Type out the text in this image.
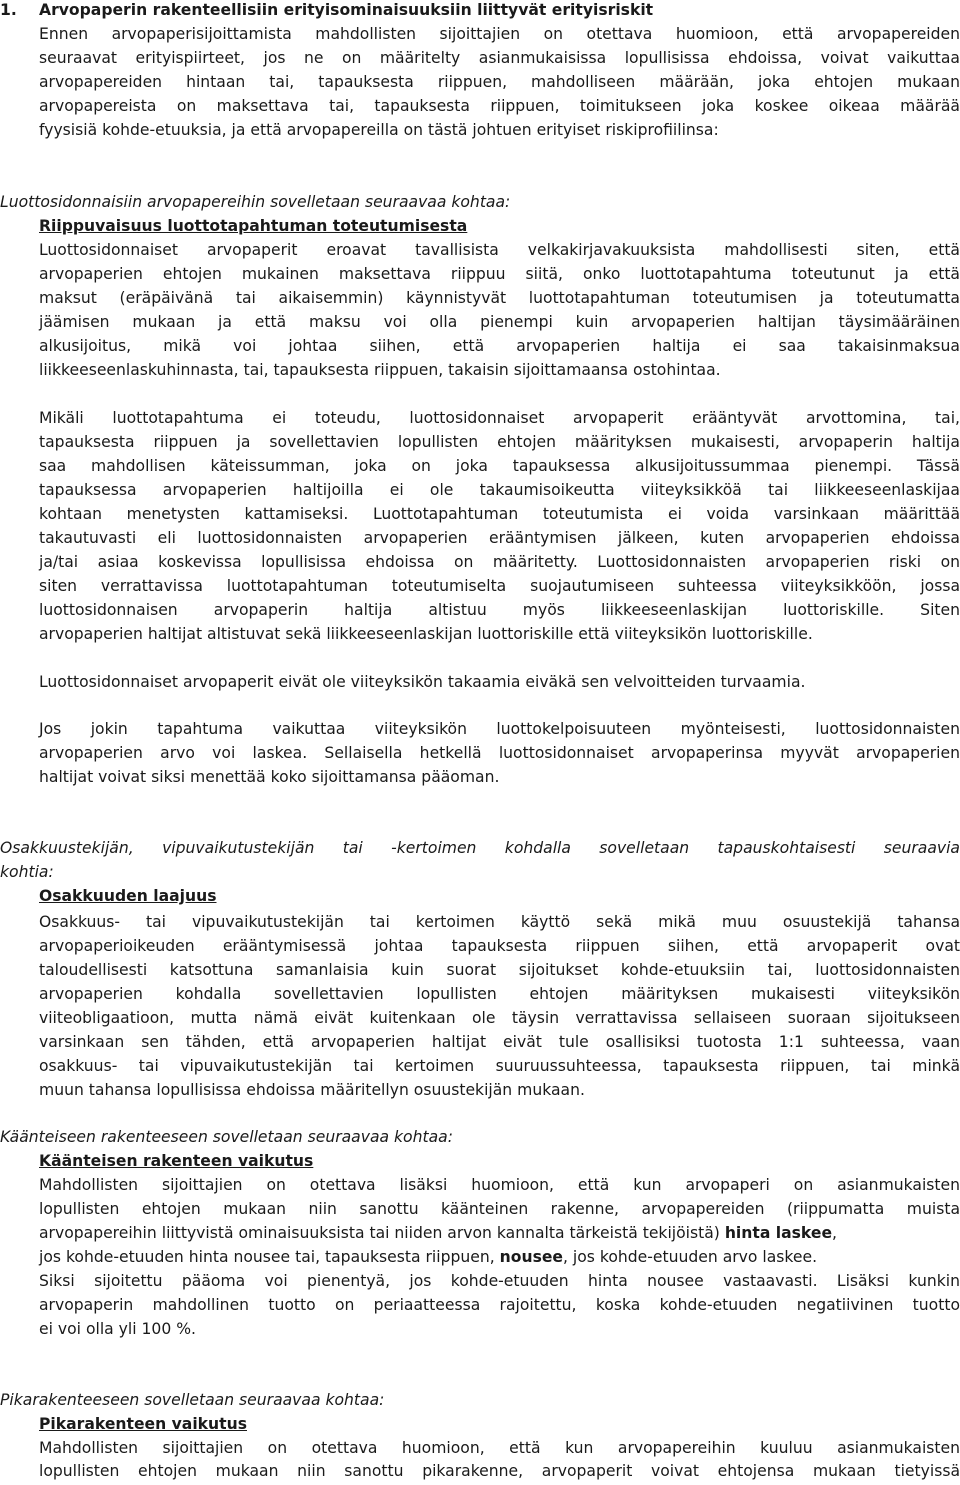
1. Arvopaperin rakenteellisiin erityisominaisuuksiin liittyvät erityisriskit
Ennen arvopaperisijoittamista mahdollisten sijoittajien on otettava huomioon, että arvopapereiden
seuraavat erityispiirteet, jos ne on määritelty asianmukaisissa lopullisissa ehdoissa, voivat vaikuttaa
arvopapereiden hintaan tai, tapauksesta riippuen, mahdolliseen määrään, joka ehtojen mukaan
arvopapereista on maksettava tai, tapauksesta riippuen, toimitukseen joka koskee oikeaa määrää
fyysisiä kohde-etuuksia, ja että arvopapereilla on tästä johtuen erityiset riskiprofiilinsa:
Luottosidonnaisiin arvopapereihin sovelletaan seuraavaa kohtaa:
Riippuvaisuus luottotapahtuman toteutumisesta
Luottosidonnaiset arvopaperit eroavat tavallisista velkakirjavakuuksista mahdollisesti siten, että
arvopaperien ehtojen mukainen maksettava riippuu siitä, onko luottotapahtuma toteutunut ja että
maksut (eräpäivänä tai aikaisemmin) käynnistyvät luottotapahtuman toteutumisen ja toteutumatta
jäämisen mukaan ja että maksu voi olla pienempi kuin arvopaperien haltijan täysimääräinen
alkusijoitus, mikä voi johtaa siihen, että arvopaperien haltija ei saa takaisinmaksua
liikkeeseenlaskuhinnasta, tai, tapauksesta riippuen, takaisin sijoittamaansa ostohintaa.
Mikäli luottotapahtuma ei toteudu, luottosidonnaiset arvopaperit erääntyvät arvottomina, tai,
tapauksesta riippuen ja sovellettavien lopullisten ehtojen määrityksen mukaisesti, arvopaperin haltija
saa mahdollisen käteissumman, joka on joka tapauksessa alkusijoitussummaa pienempi. Tässä
tapauksessa arvopaperien haltijoilla ei ole takaumisoikeutta viiteyksikköä tai liikkeeseenlaskijaa
kohtaan menetysten kattamiseksi. Luottotapahtuman toteutumista ei voida varsinkaan määrittää
takautuvasti eli luottosidonnaisten arvopaperien erääntymisen jälkeen, kuten arvopaperien ehdoissa
ja/tai asiaa koskevissa lopullisissa ehdoissa on määritetty. Luottosidonnaisten arvopaperien riski on
siten verrattavissa luottotapahtuman toteutumiselta suojautumiseen suhteessa viiteyksikköön, jossa
luottosidonnaisen arvopaperin haltija altistuu myös liikkeeseenlaskijan luottoriskille. Siten
arvopaperien haltijat altistuvat sekä liikkeeseenlaskijan luottoriskille että viiteyksikön luottoriskille.
Luottosidonnaiset arvopaperit eivät ole viiteyksikön takaamia eiväkä sen velvoitteiden turvaamia.
Jos jokin tapahtuma vaikuttaa viiteyksikön luottokelpoisuuteen myönteisesti, luottosidonnaisten
arvopaperien arvo voi laskea. Sellaisella hetkellä luottosidonnaiset arvopaperinsa myyvät arvopaperien
haltijat voivat siksi menettää koko sijoittamansa pääoman.
Osakkuustekijän, vipuvaikutustekijän tai -kertoimen kohdalla sovelletaan tapauskohtaisesti seuraavia
kohtia:
Osakkuuden laajuus
Osakkuus- tai vipuvaikutustekijän tai kertoimen käyttö sekä mikä muu osuustekijä tahansa
arvopaperioikeuden erääntymisessä johtaa tapauksesta riippuen siihen, että arvopaperit ovat
taloudellisesti katsottuna samanlaisia kuin suorat sijoitukset kohde-etuuksiin tai, luottosidonnaisten
arvopaperien kohdalla sovellettavien lopullisten ehtojen määrityksen mukaisesti viiteyksikön
viiteobligaatioon, mutta nämä eivät kuitenkaan ole täysin verrattavissa sellaiseen suoraan sijoitukseen
varsinkaan sen tähden, että arvopaperien haltijat eivät tule osallisiksi tuotosta 1:1 suhteessa, vaan
osakkuus- tai vipuvaikutustekijän tai kertoimen suuruussuhteessa, tapauksesta riippuen, tai minkä
muun tahansa lopullisissa ehdoissa määritellyn osuustekijän mukaan.
Käänteiseen rakenteeseen sovelletaan seuraavaa kohtaa:
Käänteisen rakenteen vaikutus
Mahdollisten sijoittajien on otettava lisäksi huomioon, että kun arvopaperi on asianmukaisten
lopullisten ehtojen mukaan niin sanottu käänteinen rakenne, arvopapereiden (riippumatta muista
arvopapereihin liittyvistä ominaisuuksista tai niiden arvon kannalta tärkeistä tekijöistä) hinta laskee,
jos kohde-etuuden hinta nousee tai, tapauksesta riippuen, nousee, jos kohde-etuuden arvo laskee.
Siksi sijoitettu pääoma voi pienentyä, jos kohde-etuuden hinta nousee vastaavasti. Lisäksi kunkin
arvopaperin mahdollinen tuotto on periaatteessa rajoitettu, koska kohde-etuuden negatiivinen tuotto
ei voi olla yli 100 %.
Pikarakenteeseen sovelletaan seuraavaa kohtaa:
Pikarakenteen vaikutus
Mahdollisten sijoittajien on otettava huomioon, että kun arvopapereihin kuuluu asianmukaisten
lopullisten ehtojen mukaan niin sanottu pikarakenne, arvopaperit voivat ehtojensa mukaan tietyissä
